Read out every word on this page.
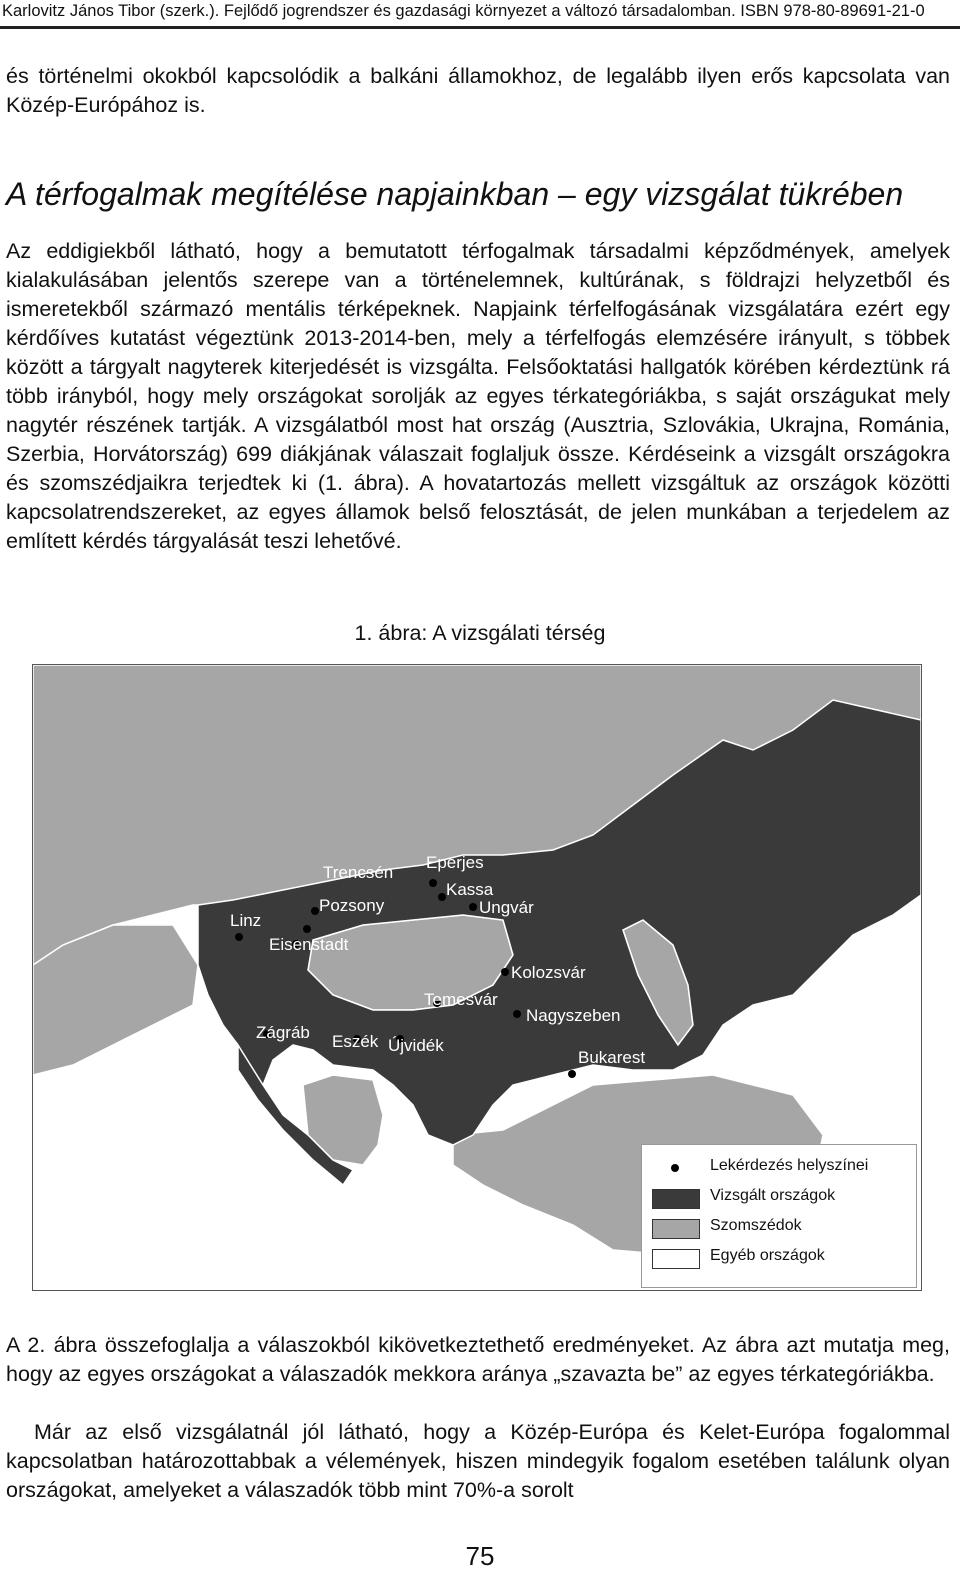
Karlovitz János Tibor (szerk.). Fejlődő jogrendszer és gazdasági környezet a változó társadalomban. ISBN 978-80-89691-21-0

és történelmi okokból kapcsolódik a balkáni államokhoz, de legalább ilyen erős kapcsolata van Közép-Európához is.

A térfogalmak megítélése napjainkban – egy vizsgálat tükrében

Az eddigiekből látható, hogy a bemutatott térfogalmak társadalmi képződmények, amelyek kialakulásában jelentős szerepe van a történelemnek, kultúrának, s földrajzi helyzetből és ismeretekből származó mentális térképeknek. Napjaink térfelfogásának vizsgálatára ezért egy kérdőíves kutatást végeztünk 2013-2014-ben, mely a térfelfogás elemzésére irányult, s többek között a tárgyalt nagyterek kiterjedését is vizsgálta. Felsőoktatási hallgatók körében kérdeztünk rá több irányból, hogy mely országokat sorolják az egyes térkategóriákba, s saját országukat mely nagytér részének tartják. A vizsgálatból most hat ország (Ausztria, Szlovákia, Ukrajna, Románia, Szerbia, Horvátország) 699 diákjának válaszait foglaljuk össze. Kérdéseink a vizsgált országokra és szomszédjaikra terjedtek ki (1. ábra). A hovatartozás mellett vizsgáltuk az országok közötti kapcsolatrendszereket, az egyes államok belső felosztását, de jelen munkában a terjedelem az említett kérdés tárgyalását teszi lehetővé.

1. ábra: A vizsgálati térség
Trencsén
Eperjes
Kassa
Pozsony	Ungvár
Linz
Eisenstadt
Kolozsvár
Temesvár
Nagyszeben
Zágráb Eszék Újvidék
Bukarest
Lekérdezés helyszínei
Vizsgált országok
Szomszédok
Egyéb országok

A 2. ábra összefoglalja a válaszokból kikövetkeztethető eredményeket. Az ábra azt mutatja meg, hogy az egyes országokat a válaszadók mekkora aránya „szavazta be” az egyes térkategóriákba.

Már az első vizsgálatnál jól látható, hogy a Közép-Európa és Kelet-Európa fogalommal kapcsolatban határozottabbak a vélemények, hiszen mindegyik fogalom esetében találunk olyan országokat, amelyeket a válaszadók több mint 70%-a sorolt

75
